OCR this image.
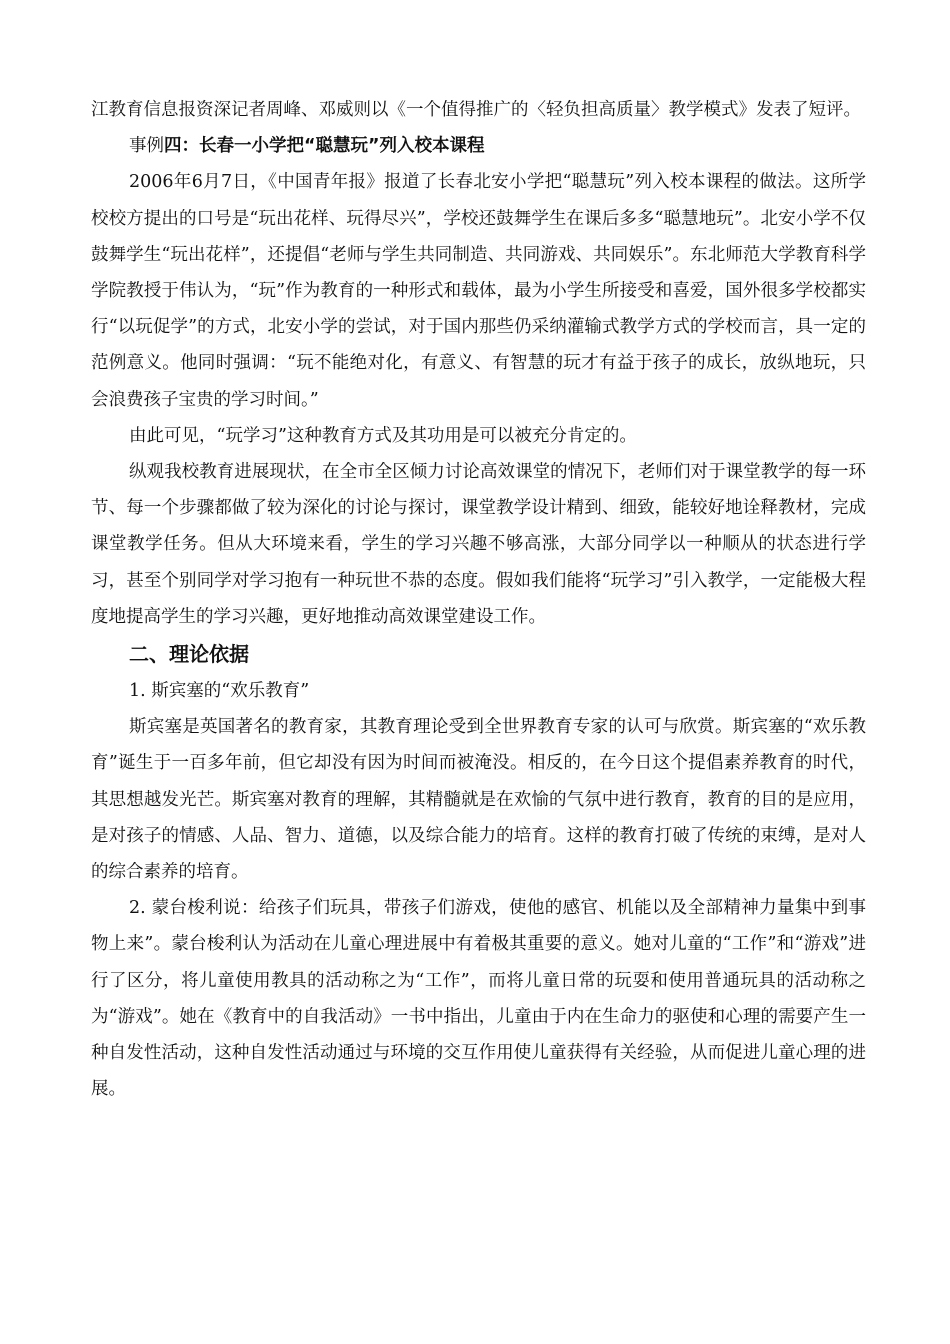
江教育信息报资深记者周峰、邓威则以《一个值得推广的〈轻负担高质量〉教学模式》发表了短评。

事例四：长春一小学把“聪慧玩”列入校本课程

2006年6月7日，《中国青年报》报道了长春北安小学把“聪慧玩”列入校本课程的做法。这所学校校方提出的口号是“玩出花样、玩得尽兴”，学校还鼓舞学生在课后多多“聪慧地玩”。北安小学不仅鼓舞学生“玩出花样”，还提倡“老师与学生共同制造、共同游戏、共同娱乐”。东北师范大学教育科学学院教授于伟认为，“玩”作为教育的一种形式和载体，最为小学生所接受和喜爱，国外很多学校都实行“以玩促学”的方式，北安小学的尝试，对于国内那些仍采纳灌输式教学方式的学校而言，具一定的范例意义。他同时强调：“玩不能绝对化，有意义、有智慧的玩才有益于孩子的成长，放纵地玩，只会浪费孩子宝贵的学习时间。”

由此可见，“玩学习”这种教育方式及其功用是可以被充分肯定的。

纵观我校教育进展现状，在全市全区倾力讨论高效课堂的情况下，老师们对于课堂教学的每一环节、每一个步骤都做了较为深化的讨论与探讨，课堂教学设计精到、细致，能较好地诠释教材，完成课堂教学任务。但从大环境来看，学生的学习兴趣不够高涨，大部分同学以一种顺从的状态进行学习，甚至个别同学对学习抱有一种玩世不恭的态度。假如我们能将“玩学习”引入教学，一定能极大程度地提高学生的学习兴趣，更好地推动高效课堂建设工作。

二、理论依据

1. 斯宾塞的“欢乐教育”

斯宾塞是英国著名的教育家，其教育理论受到全世界教育专家的认可与欣赏。斯宾塞的“欢乐教育”诞生于一百多年前，但它却没有因为时间而被淹没。相反的，在今日这个提倡素养教育的时代，其思想越发光芒。斯宾塞对教育的理解，其精髓就是在欢愉的气氛中进行教育，教育的目的是应用，是对孩子的情感、人品、智力、道德，以及综合能力的培育。这样的教育打破了传统的束缚，是对人的综合素养的培育。

2. 蒙台梭利说：给孩子们玩具，带孩子们游戏，使他的感官、机能以及全部精神力量集中到事物上来”。蒙台梭利认为活动在儿童心理进展中有着极其重要的意义。她对儿童的“工作”和“游戏”进行了区分，将儿童使用教具的活动称之为“工作”，而将儿童日常的玩耍和使用普通玩具的活动称之为“游戏”。她在《教育中的自我活动》一书中指出，儿童由于内在生命力的驱使和心理的需要产生一种自发性活动，这种自发性活动通过与环境的交互作用使儿童获得有关经验，从而促进儿童心理的进展。
